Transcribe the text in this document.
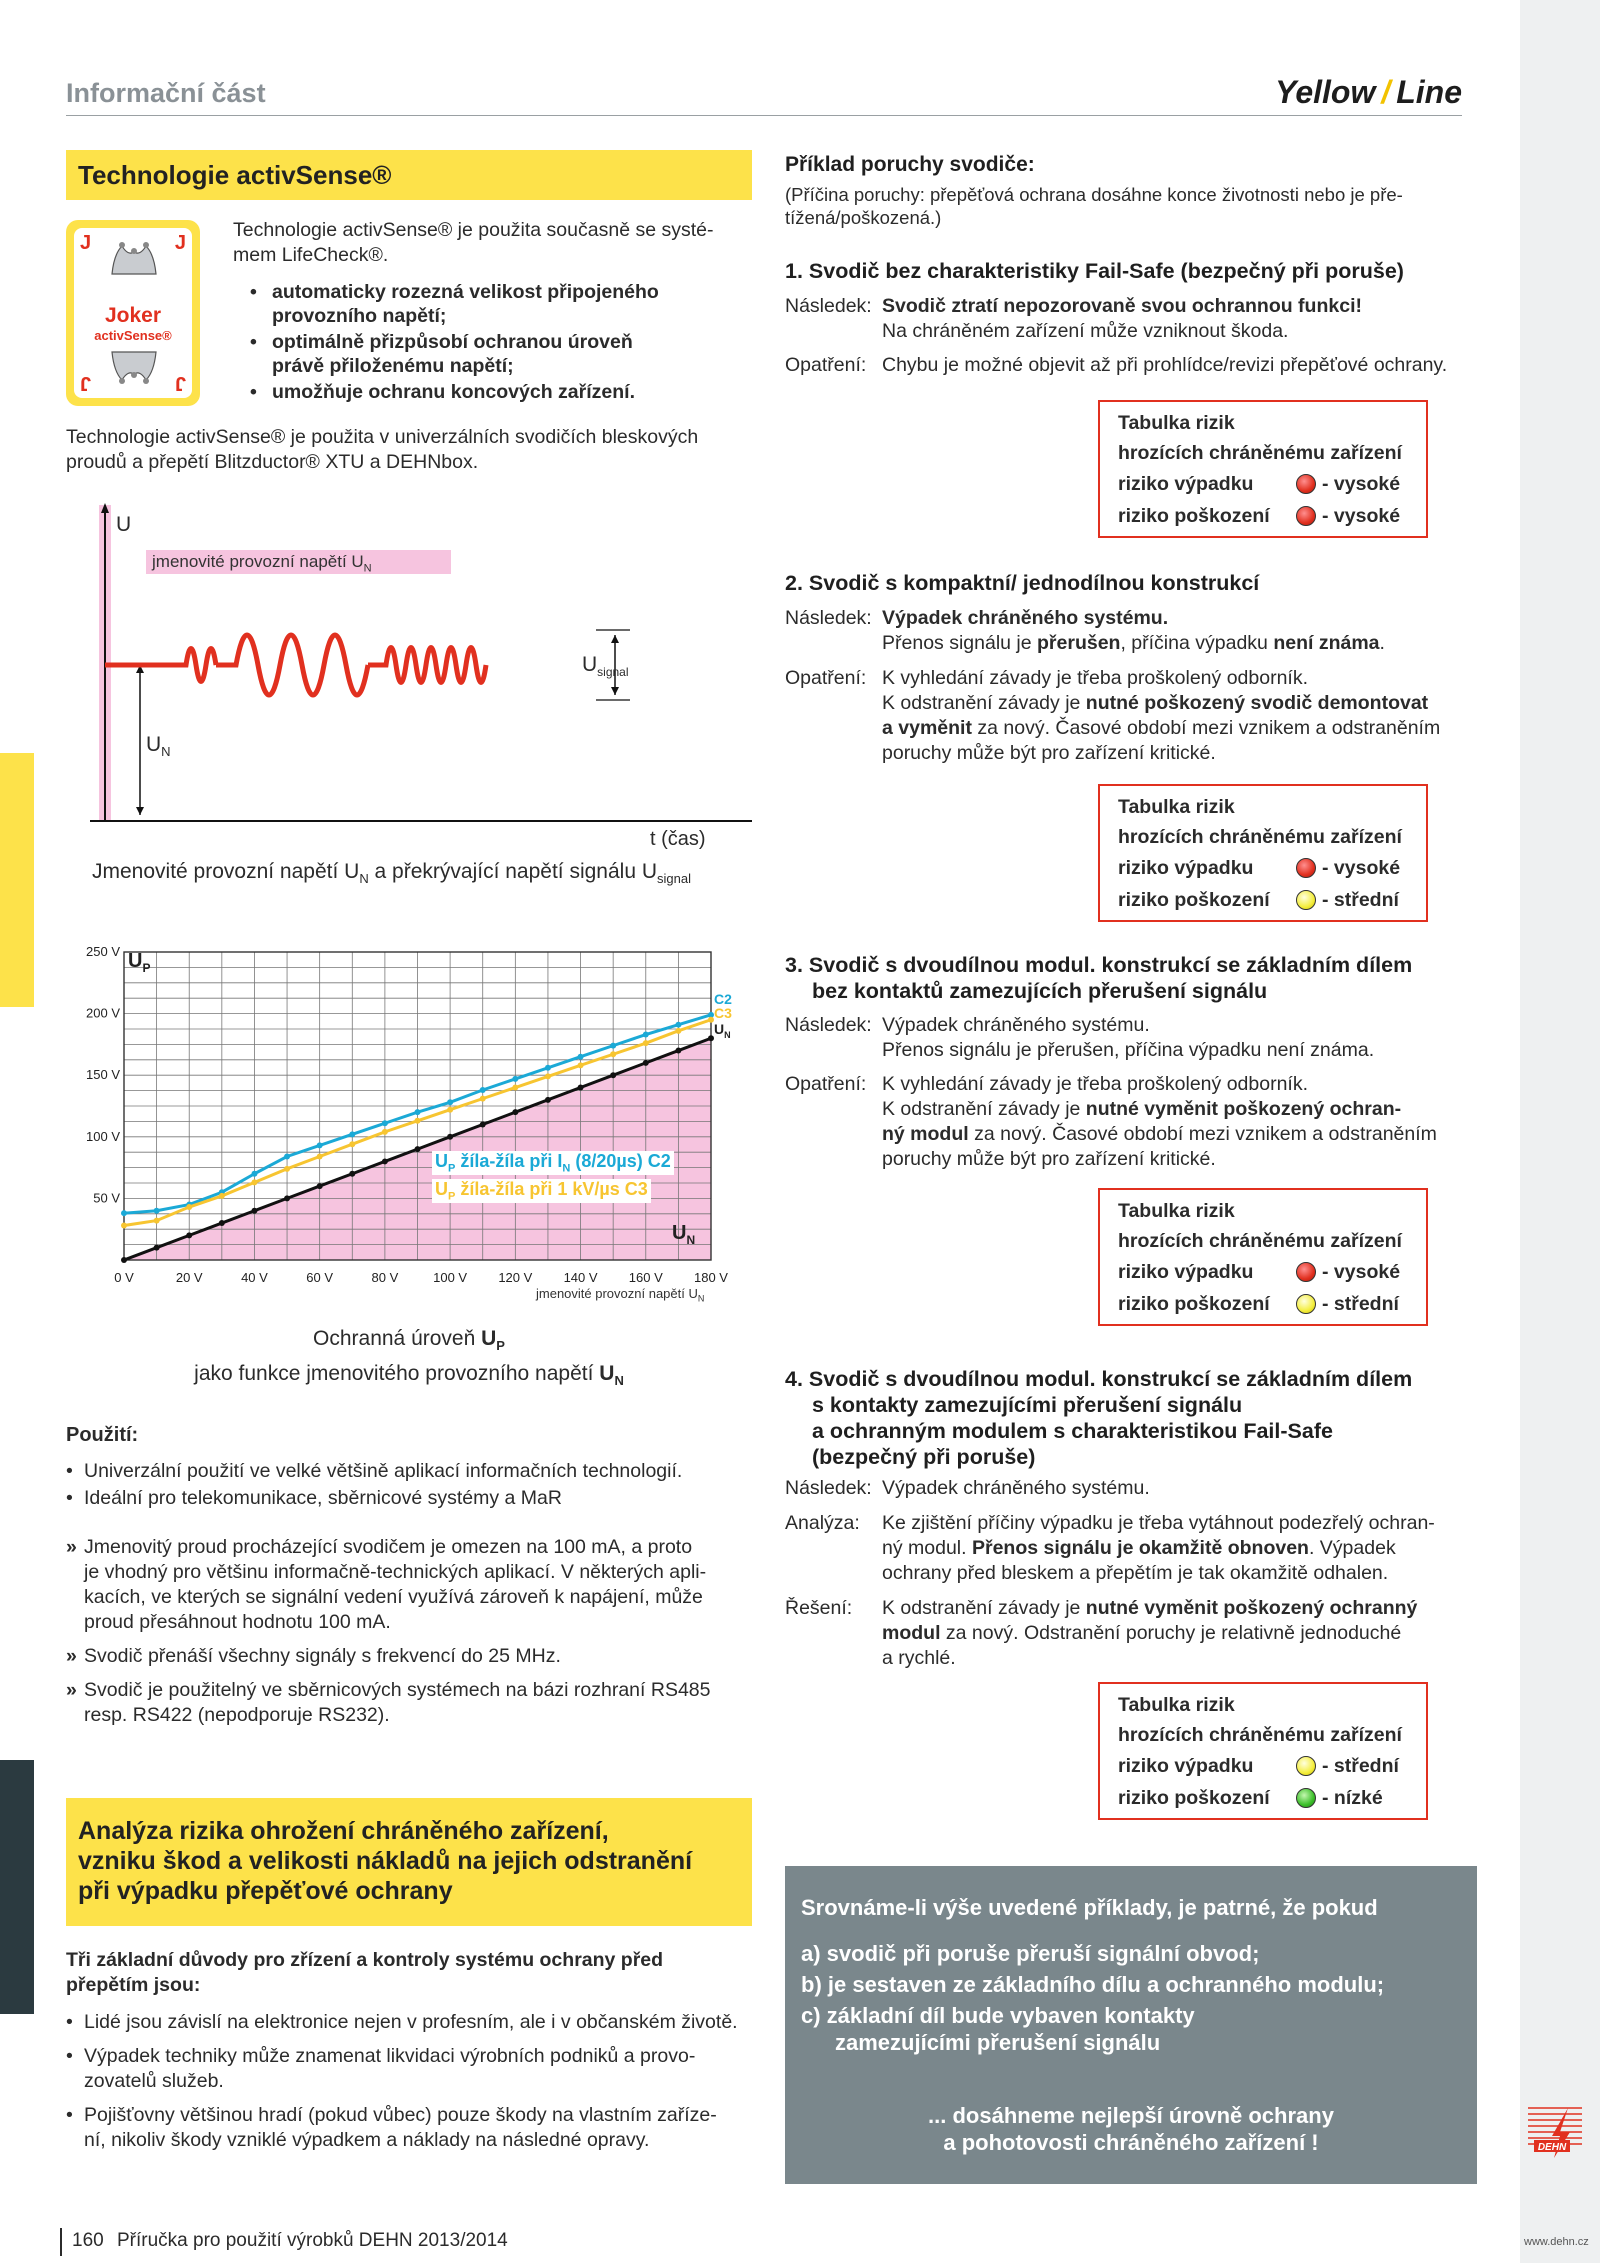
DEHN
www.dehn.cz
Informační část	Yellow / Line
Technologie activSense®
J	J
J	J
Joker
activSense®
Technologie activSense® je použita současně se systé-
mem LifeCheck®.
• automaticky rozezná velikost připojeného
provozního napětí;
• optimálně přizpůsobí ochranou úroveň
právě přiloženému napětí;
• umožňuje ochranu koncových zařízení.
Technologie activSense® je použita v univerzálních svodičích bleskových
proudů a přepětí Blitzductor® XTU a DEHNbox.
U
jmenovité provozní napětí $U_N$
$U_N$
$U_{signal}$
t (čas)
Jmenovité provozní napětí $U_N$ a překrývající napětí signálu $U_{signal}$
0 V	20 V	40 V	60 V	80 V	100 V 120 V 140 V 160 V 180 V
50 V
100 V
150 V
200 V
250 V $U_P$
jmenovité provozní napětí $U_N$
$U_P$ žíla-žíla při $I_N$ (8/20µs) C2
$U_P$ žíla-žíla při 1 kV/µs C3
$U_N$
C2
C3
$U_N$
Ochranná úroveň $U_P$
jako funkce jmenovitého provozního napětí $U_N$
Použití:
• Univerzální použití ve velké většině aplikací informačních technologií.
• Ideální pro telekomunikace, sběrnicové systémy a MaR
» Jmenovitý proud procházející svodičem je omezen na 100 mA, a proto
je vhodný pro většinu informačně-technických aplikací. V některých apli-
kacích, ve kterých se signální vedení využívá zároveň k napájení, může
proud přesáhnout hodnotu 100 mA.
» Svodič přenáší všechny signály s frekvencí do 25 MHz.
» Svodič je použitelný ve sběrnicových systémech na bázi rozhraní RS485
resp. RS422 (nepodporuje RS232).
Analýza rizika ohrožení chráněného zařízení,
vzniku škod a velikosti nákladů na jejich odstranění
při výpadku přepěťové ochrany
Tři základní důvody pro zřízení a kontroly systému ochrany před
přepětím jsou:
• Lidé jsou závislí na elektronice nejen v profesním, ale i v občanském životě.
• Výpadek techniky může znamenat likvidaci výrobních podniků a provo-
zovatelů služeb.
• Pojišťovny většinou hradí (pokud vůbec) pouze škody na vlastním zaříze-
ní, nikoliv škody vzniklé výpadkem a náklady na následné opravy.
Příklad poruchy svodiče:
(Příčina poruchy: přepěťová ochrana dosáhne konce životnosti nebo je pře-
tížená/poškozená.)
1. Svodič bez charakteristiky Fail-Safe (bezpečný při poruše)
Následek: Svodič ztratí nepozorovaně svou ochrannou funkci!
Na chráněném zařízení může vzniknout škoda.
Opatření: Chybu je možné objevit až při prohlídce/revizi přepěťové ochrany.
Tabulka rizik
hrozících chráněnému zařízení
riziko výpadku	- vysoké
riziko poškození	- vysoké
2. Svodič s kompaktní/ jednodílnou konstrukcí
Následek: Výpadek chráněného systému.
Přenos signálu je přerušen, příčina výpadku není známa.
Opatření: K vyhledání závady je třeba proškolený odborník.
K odstranění závady je nutné poškozený svodič demontovat
a vyměnit za nový. Časové období mezi vznikem a odstraněním
poruchy může být pro zařízení kritické.
Tabulka rizik
hrozících chráněnému zařízení
riziko výpadku	- vysoké
riziko poškození	- střední
3. Svodič s dvoudílnou modul. konstrukcí se základním dílem
bez kontaktů zamezujících přerušení signálu
Následek: Výpadek chráněného systému.
Přenos signálu je přerušen, příčina výpadku není známa.
Opatření: K vyhledání závady je třeba proškolený odborník.
K odstranění závady je nutné vyměnit poškozený ochran-
ný modul za nový. Časové období mezi vznikem a odstraněním
poruchy může být pro zařízení kritické.
Tabulka rizik
hrozících chráněnému zařízení
riziko výpadku	- vysoké
riziko poškození	- střední
4. Svodič s dvoudílnou modul. konstrukcí se základním dílem
s kontakty zamezujícími přerušení signálu
a ochranným modulem s charakteristikou Fail-Safe
(bezpečný při poruše)
Následek: Výpadek chráněného systému.
Analýza: Ke zjištění příčiny výpadku je třeba vytáhnout podezřelý ochran-
ný modul. Přenos signálu je okamžitě obnoven. Výpadek
ochrany před bleskem a přepětím je tak okamžitě odhalen.
Řešení: K odstranění závady je nutné vyměnit poškozený ochranný
modul za nový. Odstranění poruchy je relativně jednoduché
a rychlé.
Tabulka rizik
hrozících chráněnému zařízení
riziko výpadku	- střední
riziko poškození	- nízké
Srovnáme-li výše uvedené příklady, je patrné, že pokud
a) svodič při poruše přeruší signální obvod;
b) je sestaven ze základního dílu a ochranného modulu;
c) základní díl bude vybaven kontakty
zamezujícími přerušení signálu
... dosáhneme nejlepší úrovně ochrany
a pohotovosti chráněného zařízení !
160 Příručka pro použití výrobků DEHN 2013/2014
